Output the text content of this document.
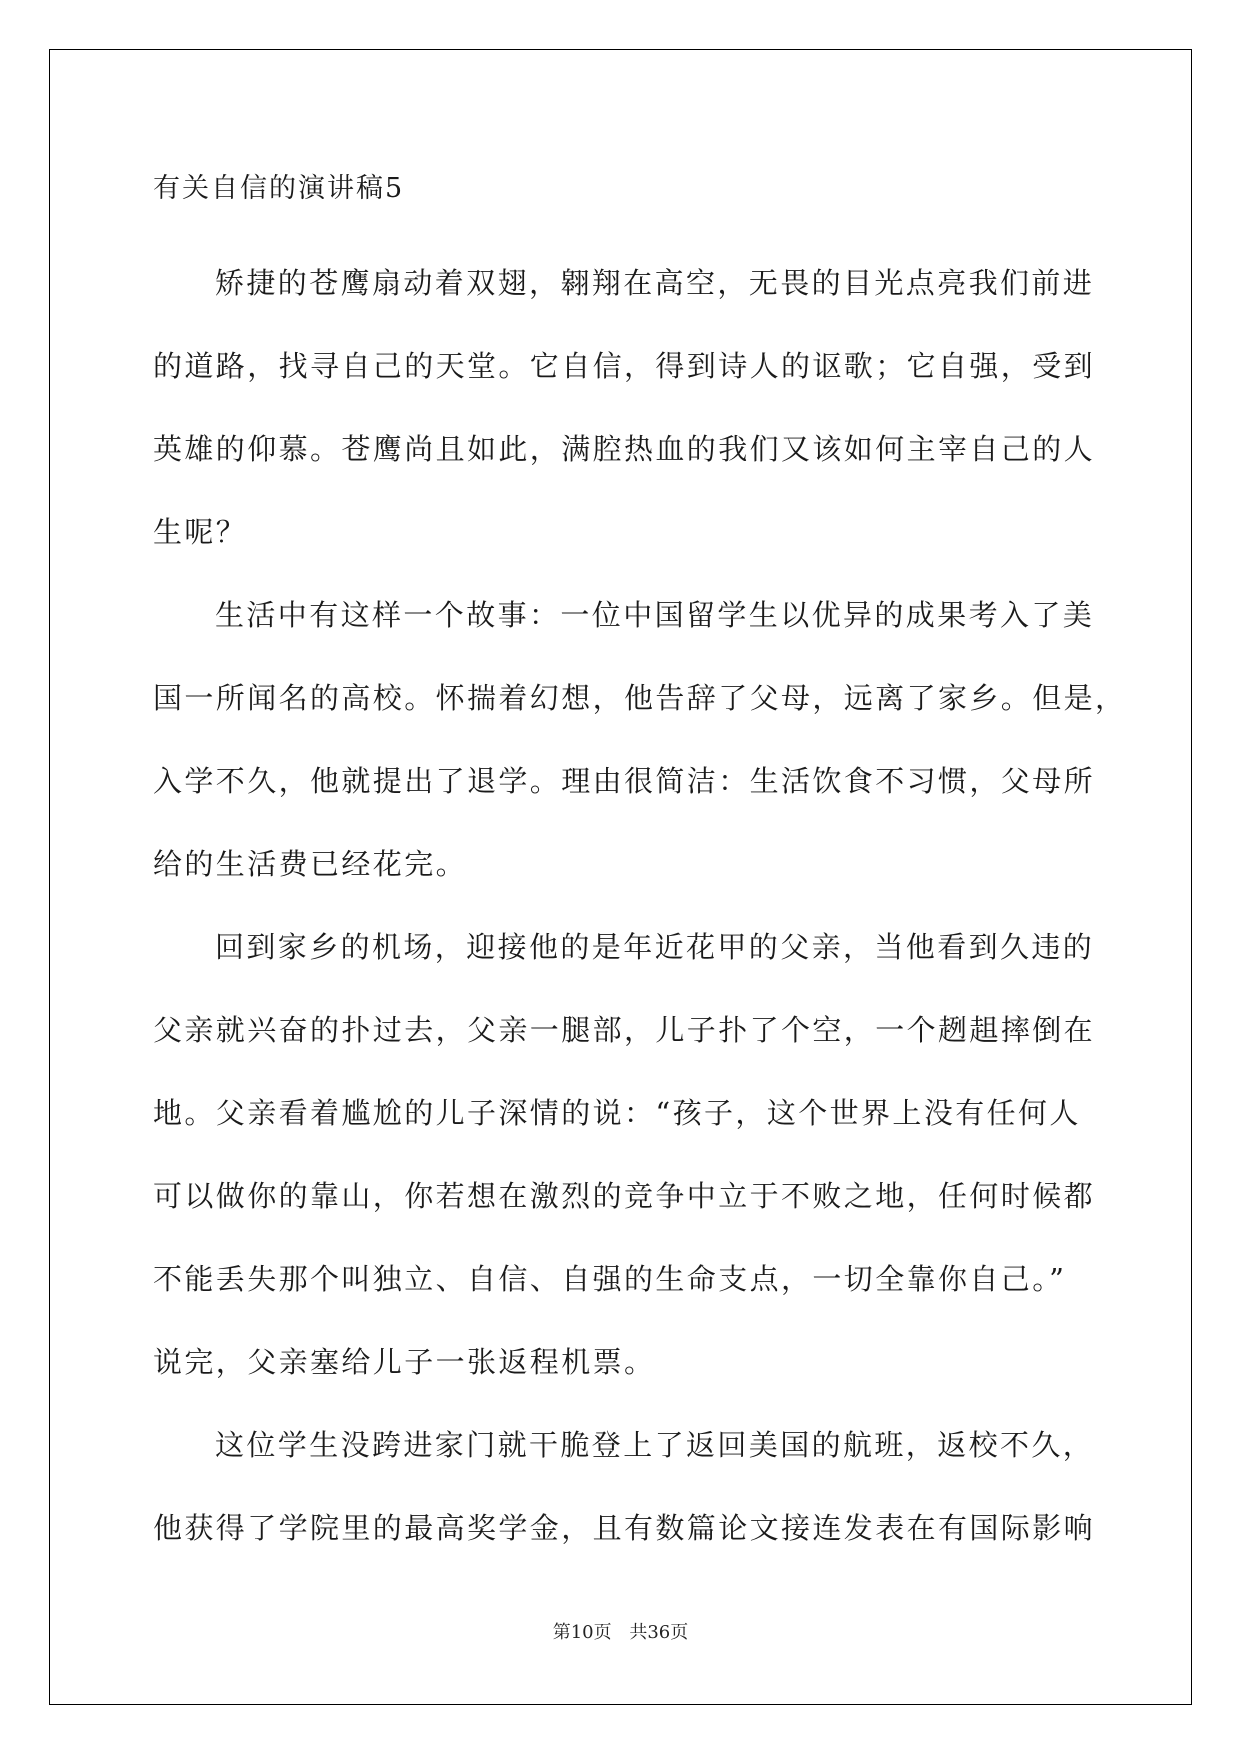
有关自信的演讲稿5

矫捷的苍鹰扇动着双翅，翱翔在高空，无畏的目光点亮我们前进
的道路，找寻自己的天堂。它自信，得到诗人的讴歌；它自强，受到
英雄的仰慕。苍鹰尚且如此，满腔热血的我们又该如何主宰自己的人
生呢？

生活中有这样一个故事：一位中国留学生以优异的成果考入了美
国一所闻名的高校。怀揣着幻想，他告辞了父母，远离了家乡。但是，
入学不久，他就提出了退学。理由很简洁：生活饮食不习惯，父母所
给的生活费已经花完。

回到家乡的机场，迎接他的是年近花甲的父亲，当他看到久违的
父亲就兴奋的扑过去，父亲一腿部，儿子扑了个空，一个趔趄摔倒在
地。父亲看着尴尬的儿子深情的说：“孩子，这个世界上没有任何人
可以做你的靠山，你若想在激烈的竞争中立于不败之地，任何时候都
不能丢失那个叫独立、自信、自强的生命支点，一切全靠你自己。”
说完，父亲塞给儿子一张返程机票。

这位学生没跨进家门就干脆登上了返回美国的航班，返校不久，
他获得了学院里的最高奖学金，且有数篇论文接连发表在有国际影响

第10页 共36页
